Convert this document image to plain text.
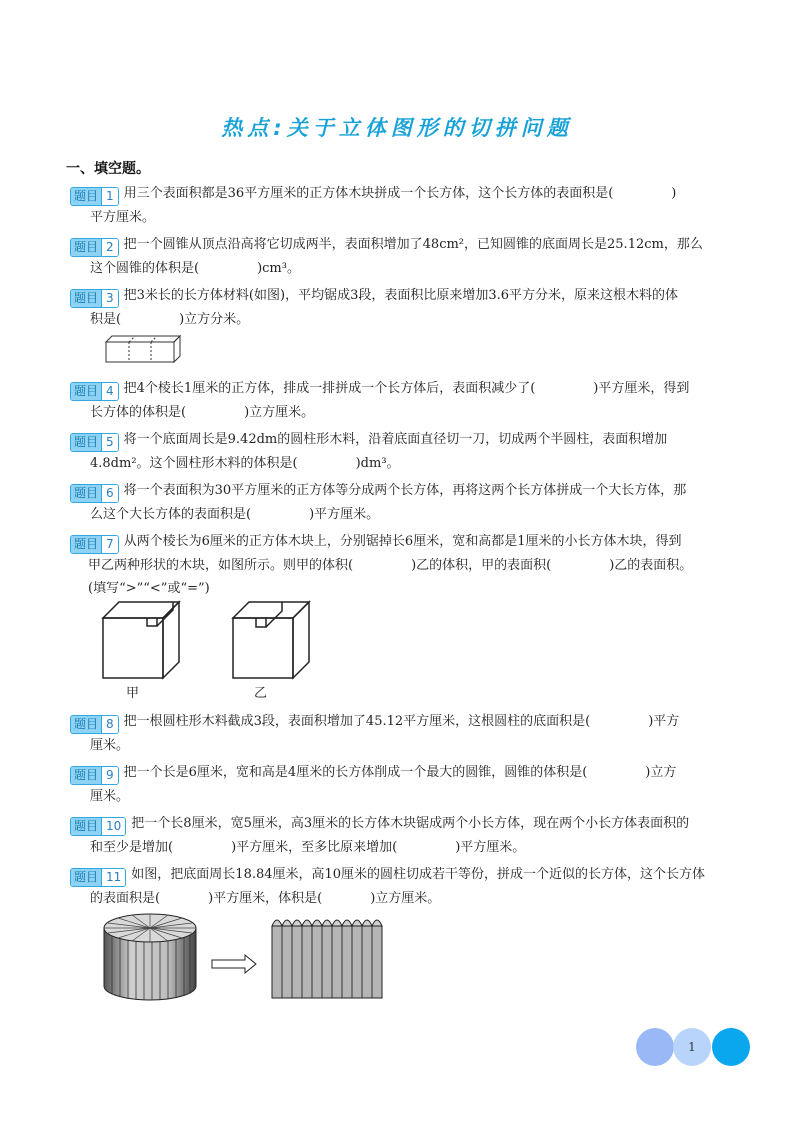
热点:关于立体图形的切拼问题
一、填空题。
题目 1 用三个表面积都是36平方厘米的正方体木块拼成一个长方体，这个长方体的表面积是(	)
平方厘米。
题目 2 把一个圆锥从顶点沿高将它切成两半，表面积增加了48cm²，已知圆锥的底面周长是25.12cm，那么
这个圆锥的体积是(	)cm³。
题目 3 把3米长的长方体材料(如图)，平均锯成3段，表面积比原来增加3.6平方分米，原来这根木料的体
积是(	)立方分米。
题目 4 把4个棱长1厘米的正方体，排成一排拼成一个长方体后，表面积减少了(	)平方厘米，得到
长方体的体积是(	)立方厘米。
题目 5 将一个底面周长是9.42dm的圆柱形木料，沿着底面直径切一刀，切成两个半圆柱，表面积增加
4.8dm²。这个圆柱形木料的体积是(	)dm³。
题目 6 将一个表面积为30平方厘米的正方体等分成两个长方体，再将这两个长方体拼成一个大长方体，那
么这个大长方体的表面积是(	)平方厘米。
题目 7 从两个棱长为6厘米的正方体木块上，分别锯掉长6厘米，宽和高都是1厘米的小长方体木块，得到
甲乙两种形状的木块，如图所示。则甲的体积(	)乙的体积，甲的表面积(	)乙的表面积。
(填写“>”“<”或“=”)
甲	乙
题目 8 把一根圆柱形木料截成3段，表面积增加了45.12平方厘米，这根圆柱的底面积是(	)平方
厘米。
题目 9 把一个长是6厘米，宽和高是4厘米的长方体削成一个最大的圆锥，圆锥的体积是(	)立方
厘米。
题目 10 把一个长8厘米，宽5厘米，高3厘米的长方体木块锯成两个小长方体，现在两个小长方体表面积的
和至少是增加(	)平方厘米，至多比原来增加(	)平方厘米。
题目 11 如图，把底面周长18.84厘米，高10厘米的圆柱切成若干等份，拼成一个近似的长方体，这个长方体
的表面积是(	)平方厘米，体积是(	)立方厘米。
1
